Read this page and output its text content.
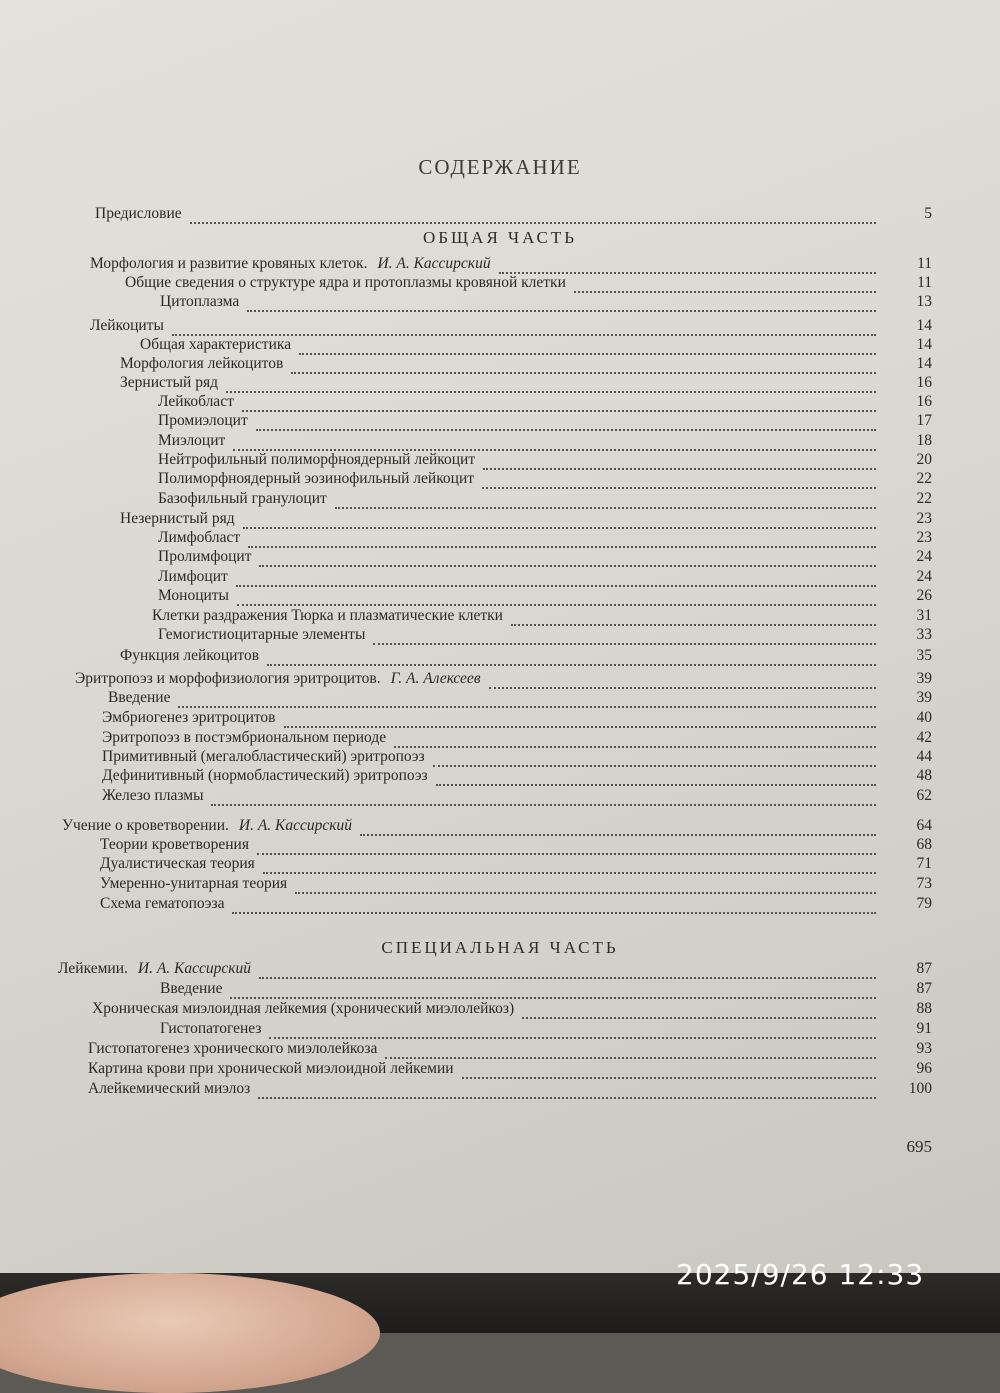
СОДЕРЖАНИЕ
ОБЩАЯ ЧАСТЬ
СПЕЦИАЛЬНАЯ ЧАСТЬ
Предисловие	5
Морфология и развитие кровяных клеток. И. А. Кассирский	11
Общие сведения о структуре ядра и протоплазмы кровяной клетки	11
Цитоплазма	13
Лейкоциты	14
Общая характеристика	14
Морфология лейкоцитов	14
Зернистый ряд	16
Лейкобласт	16
Промиэлоцит	17
Миэлоцит	18
Нейтрофильный полиморфноядерный лейкоцит	20
Полиморфноядерный эозинофильный лейкоцит	22
Базофильный гранулоцит	22
Незернистый ряд	23
Лимфобласт	23
Пролимфоцит	24
Лимфоцит	24
Моноциты	26
Клетки раздражения Тюрка и плазматические клетки	31
Гемогистиоцитарные элементы	33
Функция лейкоцитов	35
Эритропоэз и морфофизиология эритроцитов. Г. А. Алексеев	39
Введение	39
Эмбриогенез эритроцитов	40
Эритропоэз в постэмбриональном периоде	42
Примитивный (мегалобластический) эритропоэз	44
Дефинитивный (нормобластический) эритропоэз	48
Железо плазмы	62
Учение о кроветворении. И. А. Кассирский	64
Теории кроветворения	68
Дуалистическая теория	71
Умеренно-унитарная теория	73
Схема гематопоэза	79
Лейкемии. И. А. Кассирский	87
Введение	87
Хроническая миэлоидная лейкемия (хронический миэлолейкоз)	88
Гистопатогенез	91
Гистопатогенез хронического миэлолейкоза	93
Картина крови при хронической миэлоидной лейкемии	96
Алейкемический миэлоз	100
695
2025/9/26 12:33
